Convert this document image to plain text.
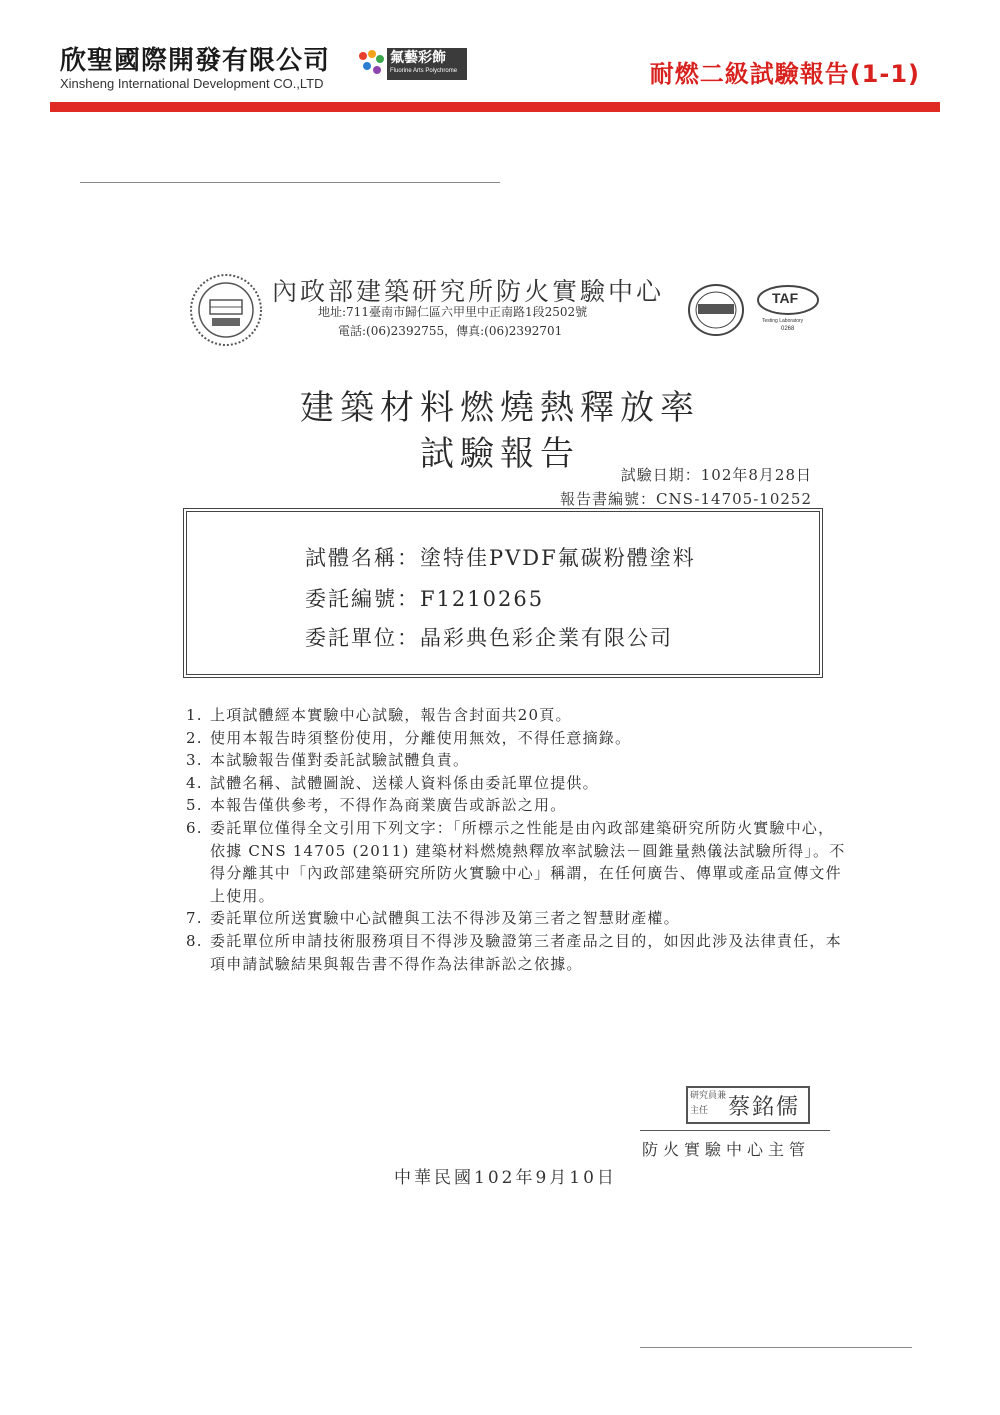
欣聖國際開發有限公司
Xinsheng International Development CO.,LTD
氟藝彩飾
Fluorine Arts Polychrome	耐燃二級試驗報告(1-1)
TAF
Testing Laboratory
0268
內政部建築研究所防火實驗中心
地址:711臺南市歸仁區六甲里中正南路1段2502號
電話:(06)2392755，傳真:(06)2392701
建築材料燃燒熱釋放率
試驗報告
試驗日期：102年8月28日
報告書編號：CNS-14705-10252
試體名稱：塗特佳PVDF氟碳粉體塗料
委託編號：F1210265
委託單位：晶彩典色彩企業有限公司
1. 上項試體經本實驗中心試驗，報告含封面共20頁。
2. 使用本報告時須整份使用，分離使用無效，不得任意摘錄。
3. 本試驗報告僅對委託試驗試體負責。
4. 試體名稱、試體圖說、送樣人資料係由委託單位提供。
5. 本報告僅供參考，不得作為商業廣告或訴訟之用。
6. 委託單位僅得全文引用下列文字：「所標示之性能是由內政部建築研究所防火實驗中心，依據 CNS 14705 (2011) 建築材料燃燒熱釋放率試驗法－圓錐量熱儀法試驗所得」。不得分離其中「內政部建築研究所防火實驗中心」稱謂，在任何廣告、傳單或產品宣傳文件上使用。
7. 委託單位所送實驗中心試體與工法不得涉及第三者之智慧財產權。
8. 委託單位所申請技術服務項目不得涉及驗證第三者產品之目的，如因此涉及法律責任，本項申請試驗結果與報告書不得作為法律訴訟之依據。
研究員兼主任 蔡銘儒
防火實驗中心主管
中華民國102年9月10日
